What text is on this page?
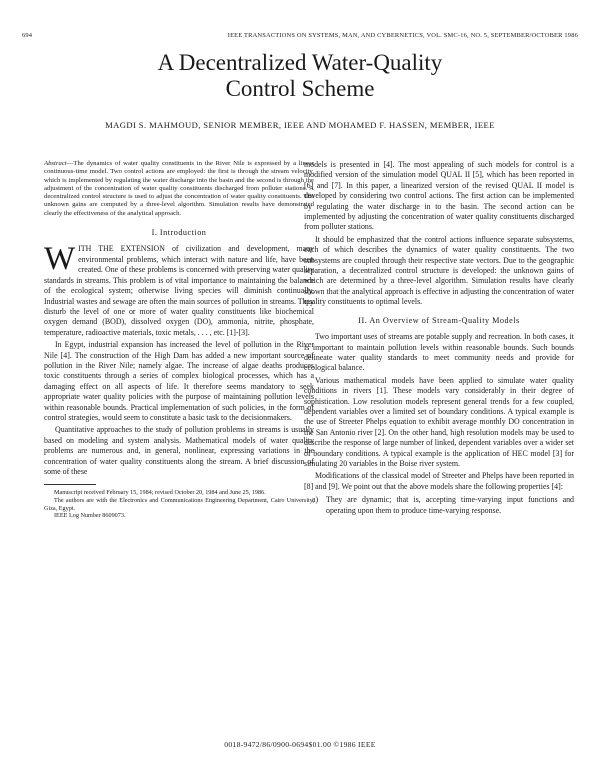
694	IEEE TRANSACTIONS ON SYSTEMS, MAN, AND CYBERNETICS, VOL. SMC-16, NO. 5, SEPTEMBER/OCTOBER 1986
A Decentralized Water-Quality
Control Scheme
MAGDI S. MAHMOUD, SENIOR MEMBER, IEEE AND MOHAMED F. HASSEN, MEMBER, IEEE
Abstract—The dynamics of water quality constituents in the River Nile is expressed by a linear continuous-time model. Two control actions are employed: the first is through the stream velocity, which is implemented by regulating the water discharge into the basin and the second is through the adjustment of the concentration of water quality constituents discharged from polluter stations. A decentralized control structure is used to adjust the concentration of water quality constituents. The unknown gains are computed by a three-level algorithm. Simulation results have demonstrated clearly the effectiveness of the analytical approach.
I. Introduction

WITH THE EXTENSION of civilization and development, many environmental problems, which interact with nature and life, have been created. One of these problems is concerned with preserving water quality standards in streams. This problem is of vital importance to maintaining the balance of the ecological system; otherwise living species will diminish continually. Industrial wastes and sewage are often the main sources of pollution in streams. They disturb the level of one or more of water quality constituents like biochemical oxygen demand (BOD), dissolved oxygen (DO), ammonia, nitrite, phosphate, temperature, radioactive materials, toxic metals, . . . , etc. [1]-[3].

In Egypt, industrial expansion has increased the level of pollution in the River Nile [4]. The construction of the High Dam has added a new important source of pollution in the River Nile; namely algae. The increase of algae deaths produces toxic constituents through a series of complex biological processes, which has a damaging effect on all aspects of life. It therefore seems mandatory to seek appropriate water quality policies with the purpose of maintaining pollution levels within reasonable bounds. Practical implementation of such policies, in the form of control strategies, would seem to constitute a basic task to the decisionmakers.

Quantitative approaches to the study of pollution problems in streams is usually based on modeling and system analysis. Mathematical models of water quality problems are numerous and, in general, nonlinear, expressing variations in the concentration of water quality constituents along the stream. A brief discussion of some of these

Manuscript received February 15, 1984; revised October 20, 1984 and June 25, 1986.

The authors are with the Electronics and Communications Engineering Department, Cairo University, Giza, Egypt.

IEEE Log Number 8609073.

models is presented in [4]. The most appealing of such models for control is a modified version of the simulation model QUAL II [5], which has been reported in [6] and [7]. In this paper, a linearized version of the revised QUAL II model is developed by considering two control actions. The first action can be implemented by regulating the water discharge in to the basin. The second action can be implemented by adjusting the concentration of water quality constituents discharged from polluter stations.

It should be emphasized that the control actions influence separate subsystems, each of which describes the dynamics of water quality constituents. The two subsystems are coupled through their respective state vectors. Due to the geographic separation, a decentralized control structure is developed: the unknown gains of which are determined by a three-level algorithm. Simulation results have clearly shown that the analytical approach is effective in adjusting the concentration of water quality constituents to optimal levels.

II. An Overview of Stream-Quality Models

Two important uses of streams are potable supply and recreation. In both cases, it is important to maintain pollution levels within reasonable bounds. Such bounds delineate water quality standards to meet community needs and provide for ecological balance.

Various mathematical models have been applied to simulate water quality conditions in rivers [1]. These models vary considerably in their degree of sophistication. Low resolution models represent general trends for a few coupled, dependent variables over a limited set of boundary conditions. A typical example is the use of Streeter Phelps equation to exhibit average monthly DO concentration in the San Antonio river [2]. On the other hand, high resolution models may be used to describe the response of large number of linked, dependent variables over a wider set of boundary conditions. A typical example is the application of HEC model [3] for simulating 20 variables in the Boise river system.

Modifications of the classical model of Streeter and Phelps have been reported in [8] and [9]. We point out that the above models share the following properties [4]:

a) They are dynamic; that is, accepting time-varying input functions and operating upon them to produce time-varying response.
0018-9472/86/0900-0694$01.00 ©1986 IEEE
